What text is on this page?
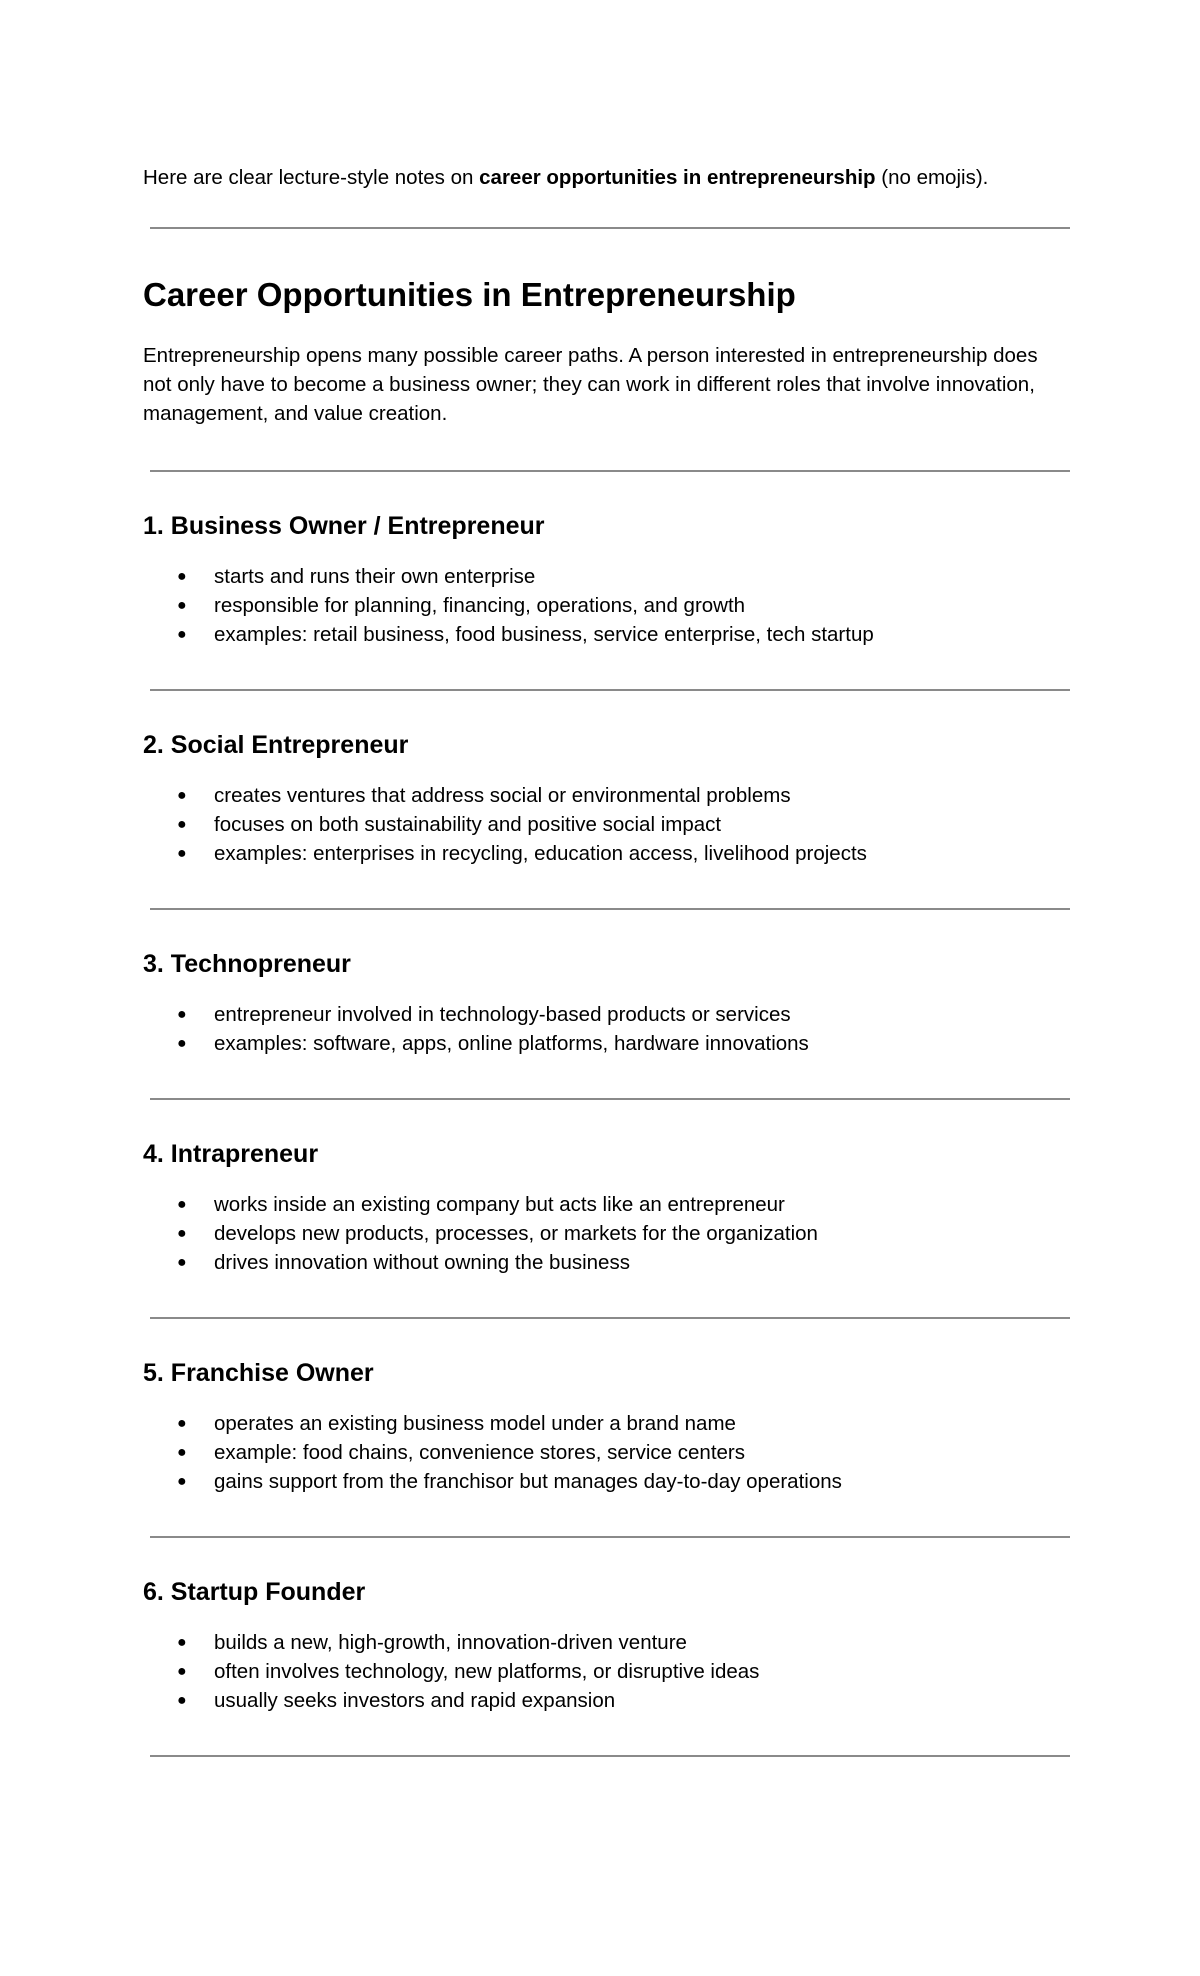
Here are clear lecture-style notes on career opportunities in entrepreneurship (no emojis).

Career Opportunities in Entrepreneurship

Entrepreneurship opens many possible career paths. A person interested in entrepreneurship does not only have to become a business owner; they can work in different roles that involve innovation, management, and value creation.

1. Business Owner / Entrepreneur
● starts and runs their own enterprise
● responsible for planning, financing, operations, and growth
● examples: retail business, food business, service enterprise, tech startup
2. Social Entrepreneur
● creates ventures that address social or environmental problems
● focuses on both sustainability and positive social impact
● examples: enterprises in recycling, education access, livelihood projects
3. Technopreneur
● entrepreneur involved in technology-based products or services
● examples: software, apps, online platforms, hardware innovations
4. Intrapreneur
● works inside an existing company but acts like an entrepreneur
● develops new products, processes, or markets for the organization
● drives innovation without owning the business
5. Franchise Owner
● operates an existing business model under a brand name
● example: food chains, convenience stores, service centers
● gains support from the franchisor but manages day-to-day operations
6. Startup Founder
● builds a new, high-growth, innovation-driven venture
● often involves technology, new platforms, or disruptive ideas
● usually seeks investors and rapid expansion
